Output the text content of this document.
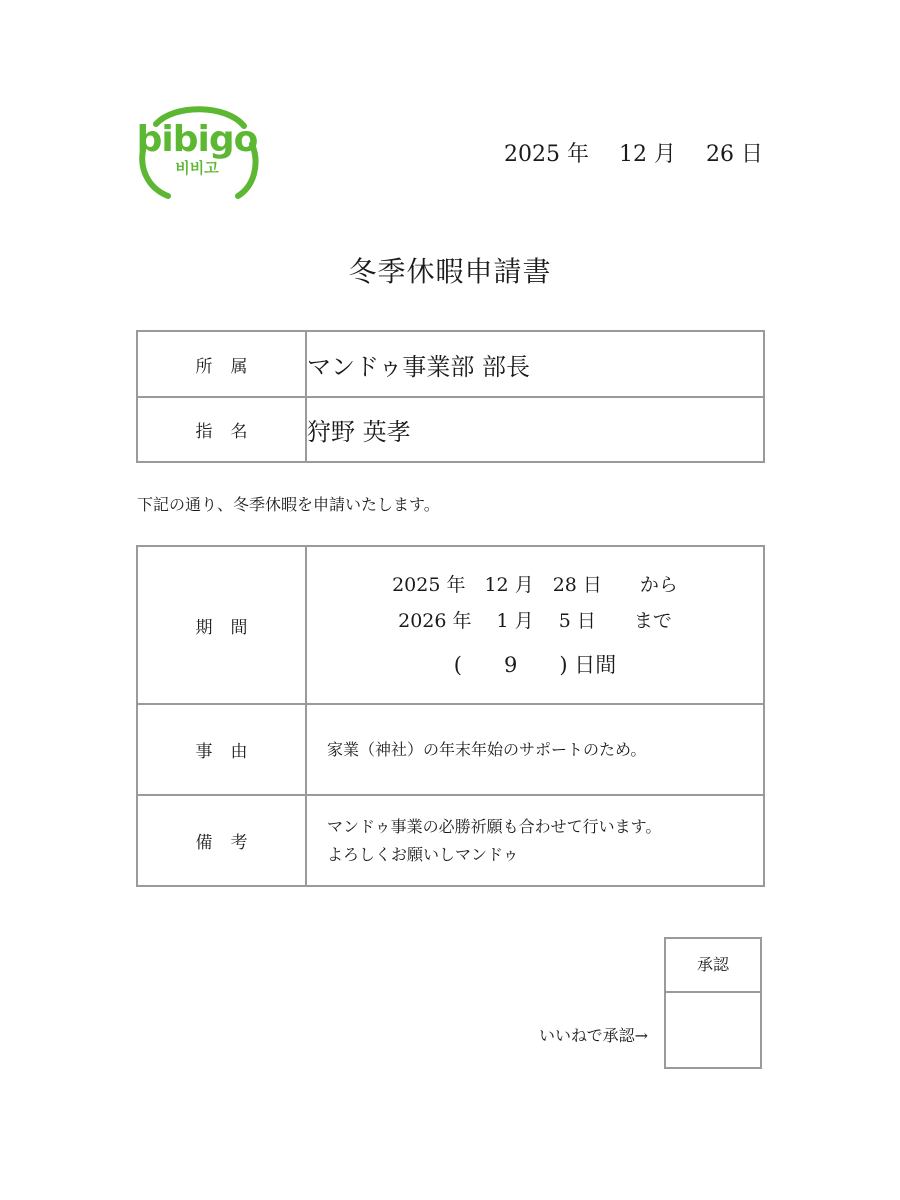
bibigo
비비고
2025 年 12 月 26 日
冬季休暇申請書
所属	マンドゥ事業部 部長
指名	狩野 英孝
下記の通り、冬季休暇を申請いたします。
期間	2025 年　12 月　28 日　　から
2026 年　 1 月　 5 日　　まで
(　　9　　) 日間

事由	家業（神社）の年末年始のサポートのため。
備考	マンドゥ事業の必勝祈願も合わせて行います。
よろしくお願いしマンドゥ
いいねで承認→
承認
